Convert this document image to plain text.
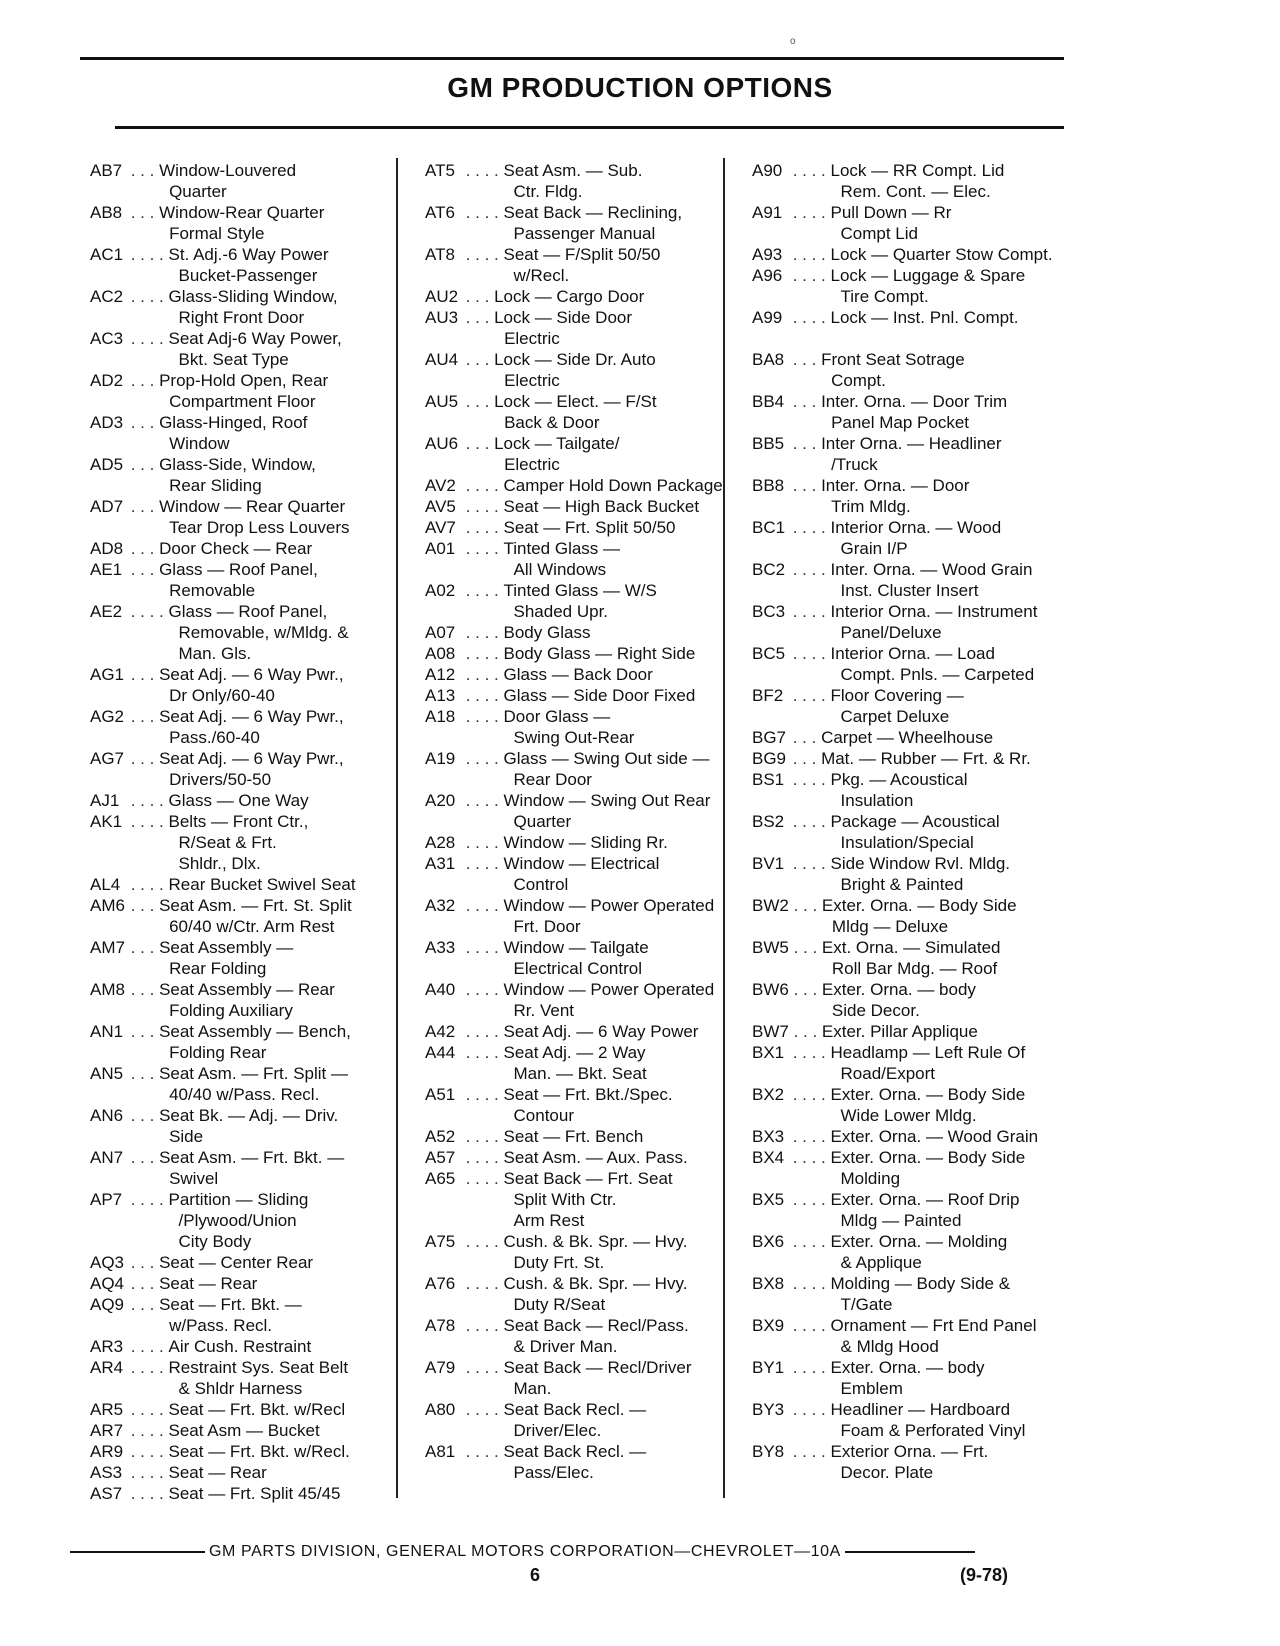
o
GM PRODUCTION OPTIONS
AB7 . . . Window-Louvered
Quarter
AB8 . . . Window-Rear Quarter
Formal Style
AC1 . . . . St. Adj.-6 Way Power
Bucket-Passenger
AC2 . . . . Glass-Sliding Window,
Right Front Door
AC3 . . . . Seat Adj-6 Way Power,
Bkt. Seat Type
AD2 . . . Prop-Hold Open, Rear
Compartment Floor
AD3 . . . Glass-Hinged, Roof
Window
AD5 . . . Glass-Side, Window,
Rear Sliding
AD7 . . . Window — Rear Quarter
Tear Drop Less Louvers
AD8 . . . Door Check — Rear
AE1 . . . Glass — Roof Panel,
Removable
AE2 . . . . Glass — Roof Panel,
Removable, w/Mldg. &
Man. Gls.
AG1 . . . Seat Adj. — 6 Way Pwr.,
Dr Only/60-40
AG2 . . . Seat Adj. — 6 Way Pwr.,
Pass./60-40
AG7 . . . Seat Adj. — 6 Way Pwr.,
Drivers/50-50
AJ1 . . . . Glass — One Way
AK1 . . . . Belts — Front Ctr.,
R/Seat & Frt.
Shldr., Dlx.
AL4 . . . . Rear Bucket Swivel Seat
AM6 . . . Seat Asm. — Frt. St. Split
60/40 w/Ctr. Arm Rest
AM7 . . . Seat Assembly —
Rear Folding
AM8 . . . Seat Assembly — Rear
Folding Auxiliary
AN1 . . . Seat Assembly — Bench,
Folding Rear
AN5 . . . Seat Asm. — Frt. Split —
40/40 w/Pass. Recl.
AN6 . . . Seat Bk. — Adj. — Driv.
Side
AN7 . . . Seat Asm. — Frt. Bkt. —
Swivel
AP7 . . . . Partition — Sliding
/Plywood/Union
City Body
AQ3 . . . Seat — Center Rear
AQ4 . . . Seat — Rear
AQ9 . . . Seat — Frt. Bkt. —
w/Pass. Recl.
AR3 . . . . Air Cush. Restraint
AR4 . . . . Restraint Sys. Seat Belt
& Shldr Harness
AR5 . . . . Seat — Frt. Bkt. w/Recl
AR7 . . . . Seat Asm — Bucket
AR9 . . . . Seat — Frt. Bkt. w/Recl.
AS3 . . . . Seat — Rear
AS7 . . . . Seat — Frt. Split 45/45
AT5 . . . . Seat Asm. — Sub.
Ctr. Fldg.
AT6 . . . . Seat Back — Reclining,
Passenger Manual
AT8 . . . . Seat — F/Split 50/50
w/Recl.
AU2 . . . Lock — Cargo Door
AU3 . . . Lock — Side Door
Electric
AU4 . . . Lock — Side Dr. Auto
Electric
AU5 . . . Lock — Elect. — F/St
Back & Door
AU6 . . . Lock — Tailgate/
Electric
AV2 . . . . Camper Hold Down Package
AV5 . . . . Seat — High Back Bucket
AV7 . . . . Seat — Frt. Split 50/50
A01 . . . . Tinted Glass —
All Windows
A02 . . . . Tinted Glass — W/S
Shaded Upr.
A07 . . . . Body Glass
A08 . . . . Body Glass — Right Side
A12 . . . . Glass — Back Door
A13 . . . . Glass — Side Door Fixed
A18 . . . . Door Glass —
Swing Out-Rear
A19 . . . . Glass — Swing Out side —
Rear Door
A20 . . . . Window — Swing Out Rear
Quarter
A28 . . . . Window — Sliding Rr.
A31 . . . . Window — Electrical
Control
A32 . . . . Window — Power Operated
Frt. Door
A33 . . . . Window — Tailgate
Electrical Control
A40 . . . . Window — Power Operated
Rr. Vent
A42 . . . . Seat Adj. — 6 Way Power
A44 . . . . Seat Adj. — 2 Way
Man. — Bkt. Seat
A51 . . . . Seat — Frt. Bkt./Spec.
Contour
A52 . . . . Seat — Frt. Bench
A57 . . . . Seat Asm. — Aux. Pass.
A65 . . . . Seat Back — Frt. Seat
Split With Ctr.
Arm Rest
A75 . . . . Cush. & Bk. Spr. — Hvy.
Duty Frt. St.
A76 . . . . Cush. & Bk. Spr. — Hvy.
Duty R/Seat
A78 . . . . Seat Back — Recl/Pass.
& Driver Man.
A79 . . . . Seat Back — Recl/Driver
Man.
A80 . . . . Seat Back Recl. —
Driver/Elec.
A81 . . . . Seat Back Recl. —
Pass/Elec.
A90 . . . . Lock — RR Compt. Lid
Rem. Cont. — Elec.
A91 . . . . Pull Down — Rr
Compt Lid
A93 . . . . Lock — Quarter Stow Compt.
A96 . . . . Lock — Luggage & Spare
Tire Compt.
A99 . . . . Lock — Inst. Pnl. Compt.
BA8 . . . Front Seat Sotrage
Compt.
BB4 . . . Inter. Orna. — Door Trim
Panel Map Pocket
BB5 . . . Inter Orna. — Headliner
/Truck
BB8 . . . Inter. Orna. — Door
Trim Mldg.
BC1 . . . . Interior Orna. — Wood
Grain I/P
BC2 . . . . Inter. Orna. — Wood Grain
Inst. Cluster Insert
BC3 . . . . Interior Orna. — Instrument
Panel/Deluxe
BC5 . . . . Interior Orna. — Load
Compt. Pnls. — Carpeted
BF2 . . . . Floor Covering —
Carpet Deluxe
BG7 . . . Carpet — Wheelhouse
BG9 . . . Mat. — Rubber — Frt. & Rr.
BS1 . . . . Pkg. — Acoustical
Insulation
BS2 . . . . Package — Acoustical
Insulation/Special
BV1 . . . . Side Window Rvl. Mldg.
Bright & Painted
BW2 . . . Exter. Orna. — Body Side
Mldg — Deluxe
BW5 . . . Ext. Orna. — Simulated
Roll Bar Mdg. — Roof
BW6 . . . Exter. Orna. — body
Side Decor.
BW7 . . . Exter. Pillar Applique
BX1 . . . . Headlamp — Left Rule Of
Road/Export
BX2 . . . . Exter. Orna. — Body Side
Wide Lower Mldg.
BX3 . . . . Exter. Orna. — Wood Grain
BX4 . . . . Exter. Orna. — Body Side
Molding
BX5 . . . . Exter. Orna. — Roof Drip
Mldg — Painted
BX6 . . . . Exter. Orna. — Molding
& Applique
BX8 . . . . Molding — Body Side &
T/Gate
BX9 . . . . Ornament — Frt End Panel
& Mldg Hood
BY1 . . . . Exter. Orna. — body
Emblem
BY3 . . . . Headliner — Hardboard
Foam & Perforated Vinyl
BY8 . . . . Exterior Orna. — Frt.
Decor. Plate
GM PARTS DIVISION, GENERAL MOTORS CORPORATION—CHEVROLET—10A
6	(9-78)
